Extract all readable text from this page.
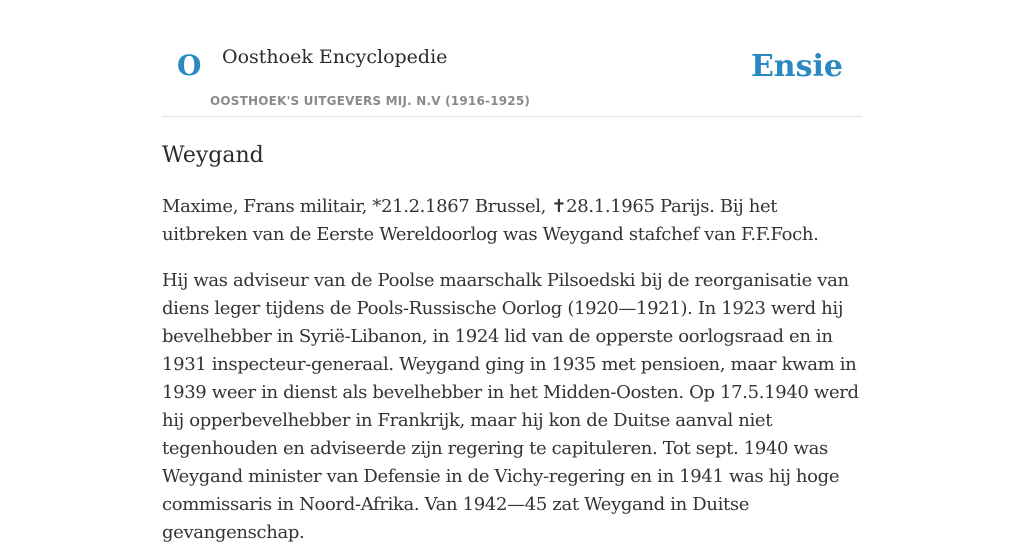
O Oosthoek Encyclopedie
OOSTHOEK'S UITGEVERS MIJ. N.V (1916-1925)
Ensie
Weygand

Maxime, Frans militair, *21.2.1867 Brussel, ✝28.1.1965 Parijs. Bij het uitbreken van de Eerste Wereldoorlog was Weygand stafchef van F.F.Foch.

Hij was adviseur van de Poolse maarschalk Pilsoedski bij de reorganisatie van diens leger tijdens de Pools-Russische Oorlog (1920—1921). In 1923 werd hij bevelhebber in Syrië-Libanon, in 1924 lid van de opperste oorlogsraad en in 1931 inspecteur-generaal. Weygand ging in 1935 met pensioen, maar kwam in 1939 weer in dienst als bevelhebber in het Midden-Oosten. Op 17.5.1940 werd hij opperbevelhebber in Frankrijk, maar hij kon de Duitse aanval niet tegenhouden en adviseerde zijn regering te capituleren. Tot sept. 1940 was Weygand minister van Defensie in de Vichy-regering en in 1941 was hij hoge commissaris in Noord-Afrika. Van 1942—45 zat Weygand in Duitse gevangenschap.
